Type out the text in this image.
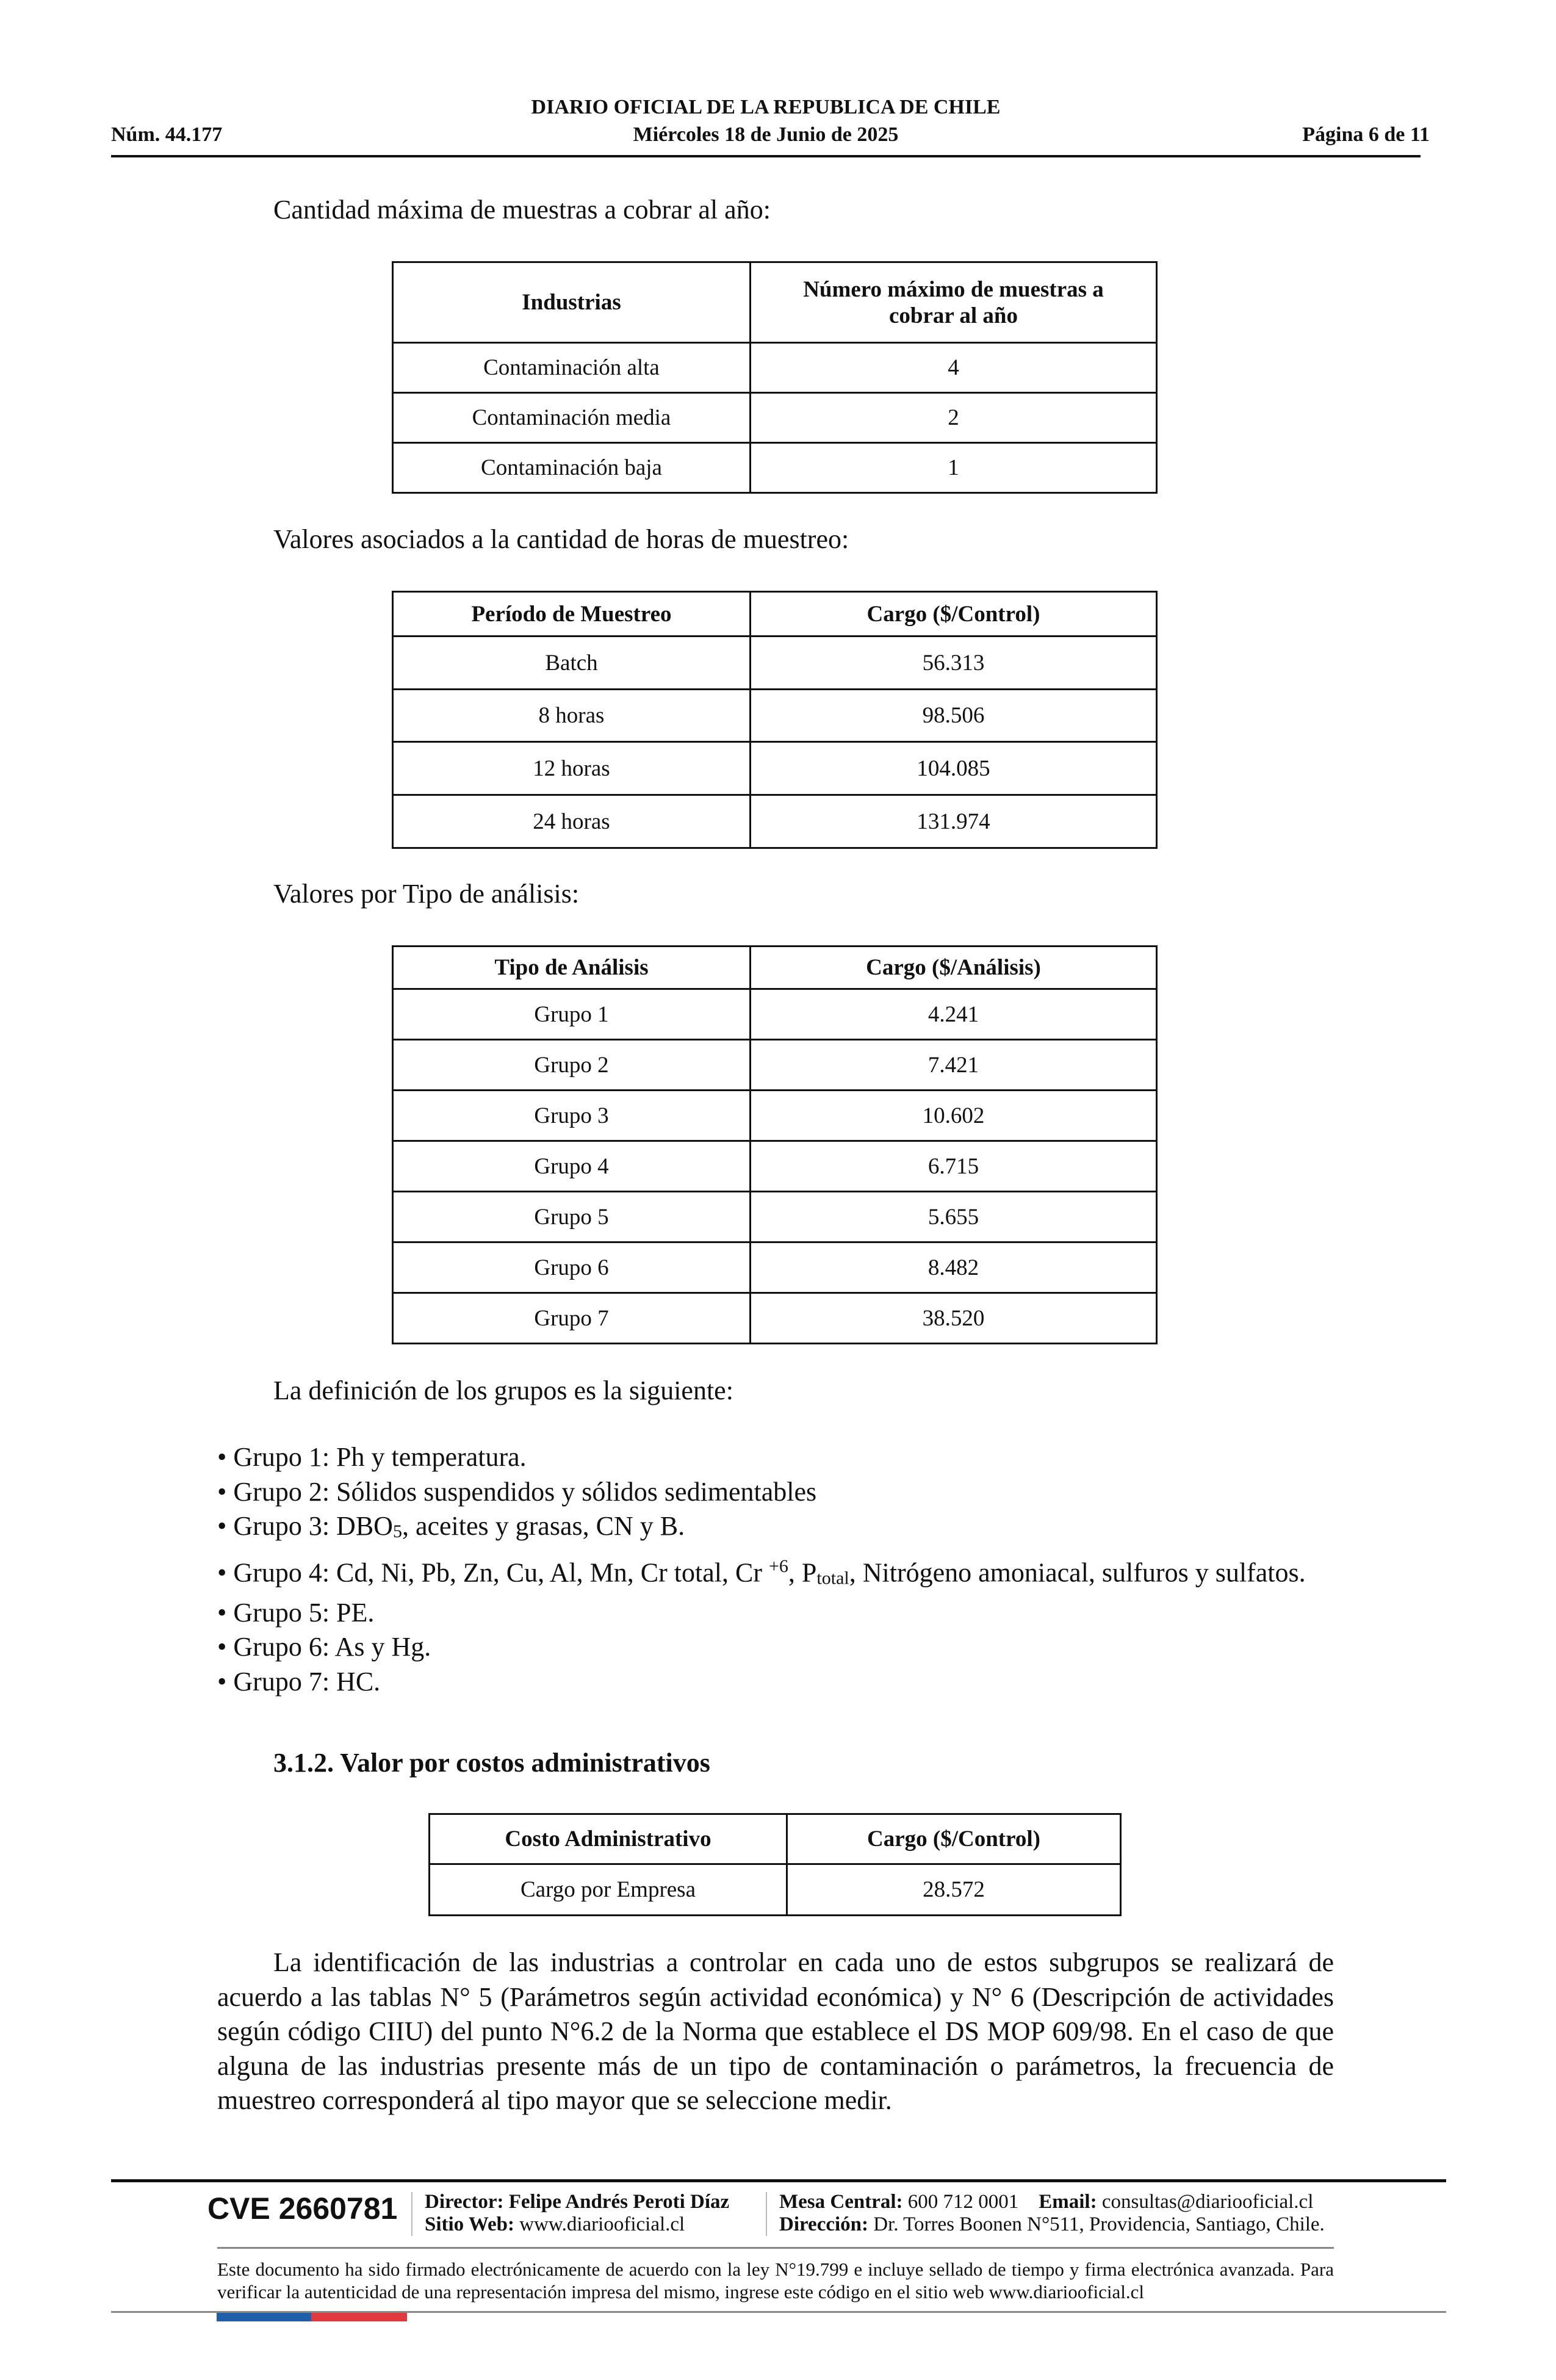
DIARIO OFICIAL DE LA REPUBLICA DE CHILE
Núm. 44.177	Miércoles 18 de Junio de 2025	Página 6 de 11
Cantidad máxima de muestras a cobrar al año:
Industrias	Número máximo de muestras a cobrar al año
Contaminación alta	4
Contaminación media	2
Contaminación baja	1
Valores asociados a la cantidad de horas de muestreo:
Período de Muestreo	Cargo ($/Control)
Batch	56.313
8 horas	98.506
12 horas	104.085
24 horas	131.974
Valores por Tipo de análisis:
Tipo de Análisis	Cargo ($/Análisis)
Grupo 1	4.241
Grupo 2	7.421
Grupo 3	10.602
Grupo 4	6.715
Grupo 5	5.655
Grupo 6	8.482
Grupo 7	38.520
La definición de los grupos es la siguiente:
• Grupo 1: Ph y temperatura.
• Grupo 2: Sólidos suspendidos y sólidos sedimentables
• Grupo 3: $DBO_5$, aceites y grasas, CN y B.
• Grupo 4: Cd, Ni, Pb, Zn, Cu, Al, Mn, Cr total, Cr $^{+6}$, $P_{total}$, Nitrógeno amoniacal, sulfuros y sulfatos.
• Grupo 5: PE.
• Grupo 6: As y Hg.
• Grupo 7: HC.
3.1.2. Valor por costos administrativos
Costo Administrativo	Cargo ($/Control)
Cargo por Empresa	28.572
La identificación de las industrias a controlar en cada uno de estos subgrupos se realizará de acuerdo a las tablas N° 5 (Parámetros según actividad económica) y N° 6 (Descripción de actividades según código CIIU) del punto N°6.2 de la Norma que establece el DS MOP 609/98. En el caso de que alguna de las industrias presente más de un tipo de contaminación o parámetros, la frecuencia de muestreo corresponderá al tipo mayor que se seleccione medir.
CVE 2660781 Director: Felipe Andrés Peroti Díaz
Sitio Web: www.diariooficial.cl
Mesa Central: 600 712 0001 Email: consultas@diariooficial.cl
Dirección: Dr. Torres Boonen N°511, Providencia, Santiago, Chile.
Este documento ha sido firmado electrónicamente de acuerdo con la ley N°19.799 e incluye sellado de tiempo y firma electrónica avanzada. Para verificar la autenticidad de una representación impresa del mismo, ingrese este código en el sitio web www.diariooficial.cl
